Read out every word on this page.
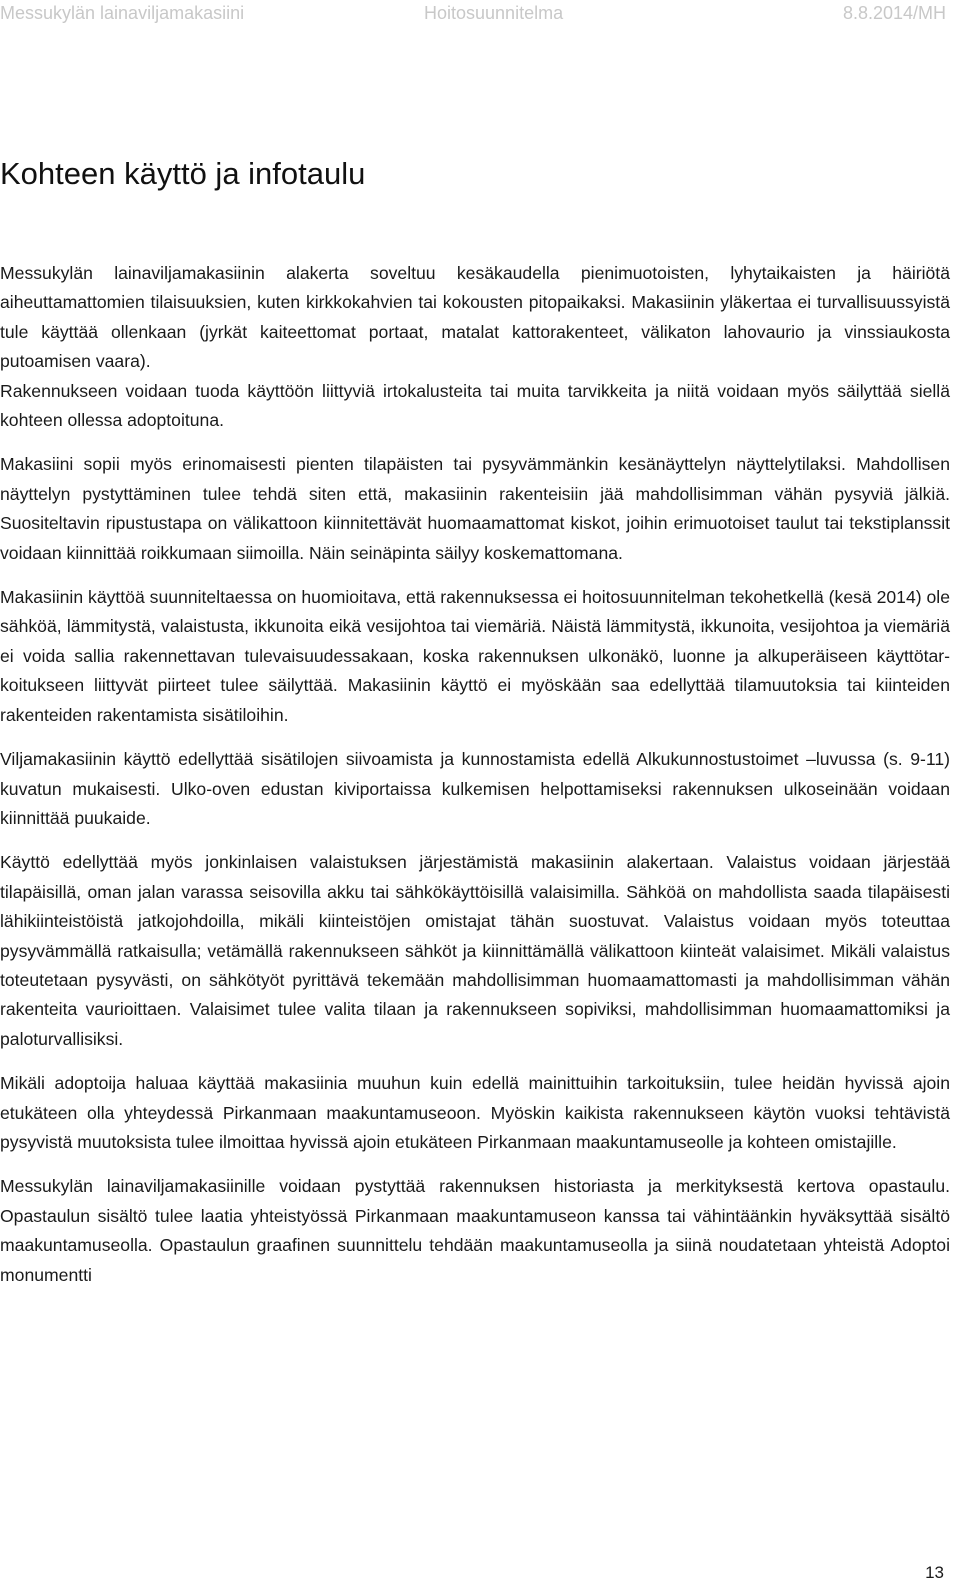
Messukylän lainaviljamakasiini	Hoitosuunnitelma	8.8.2014/MH
Kohteen käyttö ja infotaulu

Messukylän lainaviljamakasiinin alakerta soveltuu kesäkaudella pienimuotoisten, lyhytaikaisten ja häiriötä aiheuttamattomien tilaisuuksien, kuten kirkkokahvien tai kokousten pitopaikaksi. Makasiinin yläkertaa ei turvallisuussyistä tule käyttää ollenkaan (jyrkät kaiteettomat portaat, matalat kattorakenteet, välikaton lahovaurio ja vinssiaukosta putoamisen vaara).

Rakennukseen voidaan tuoda käyttöön liittyviä irtokalusteita tai muita tarvikkeita ja niitä voidaan myös säilyttää siellä kohteen ollessa adoptoituna.

Makasiini sopii myös erinomaisesti pienten tilapäisten tai pysyvämmänkin kesänäyttelyn näyttelytilaksi. Mahdollisen näyttelyn pystyttäminen tulee tehdä siten että, makasiinin rakenteisiin jää mahdollisimman vähän pysyviä jälkiä. Suositeltavin ripustustapa on välikattoon kiinnitettävät huomaamattomat kiskot, joihin erimuotoiset taulut tai tekstiplanssit voidaan kiinnittää roikkumaan siimoilla. Näin seinäpinta säilyy koskemattomana.

Makasiinin käyttöä suunniteltaessa on huomioitava, että rakennuksessa ei hoitosuunnitelman tekohetkellä (kesä 2014) ole sähköä, lämmitystä, valaistusta, ikkunoita eikä vesijohtoa tai viemäriä. Näistä lämmitystä, ikkunoita, vesijohtoa ja viemäriä ei voida sallia rakennettavan tulevaisuudessakaan, koska rakennuksen ulkonäkö, luonne ja alkuperäiseen käyttötarkoitukseen liittyvät piirteet tulee säilyttää. Makasiinin käyttö ei myöskään saa edellyttää tilamuutoksia tai kiinteiden rakenteiden rakentamista sisätiloihin.

Viljamakasiinin käyttö edellyttää sisätilojen siivoamista ja kunnostamista edellä Alkukunnostustoimet –luvussa (s. 9-11) kuvatun mukaisesti. Ulko-oven edustan kiviportaissa kulkemisen helpottamiseksi rakennuksen ulkoseinään voidaan kiinnittää puukaide.

Käyttö edellyttää myös jonkinlaisen valaistuksen järjestämistä makasiinin alakertaan. Valaistus voidaan järjestää tilapäisillä, oman jalan varassa seisovilla akku tai sähkökäyttöisillä valaisimilla. Sähköä on mahdollista saada tilapäisesti lähikiinteistöistä jatkojohdoilla, mikäli kiinteistöjen omistajat tähän suostuvat. Valaistus voidaan myös toteuttaa pysyvämmällä ratkaisulla; vetämällä rakennukseen sähköt ja kiinnittämällä välikattoon kiinteät valaisimet. Mikäli valaistus toteutetaan pysyvästi, on sähkötyöt pyrittävä tekemään mahdollisimman huomaamattomasti ja mahdollisimman vähän rakenteita vaurioittaen. Valaisimet tulee valita tilaan ja rakennukseen sopiviksi, mahdollisimman huomaamattomiksi ja paloturvallisiksi.

Mikäli adoptoija haluaa käyttää makasiinia muuhun kuin edellä mainittuihin tarkoituksiin, tulee heidän hyvissä ajoin etukäteen olla yhteydessä Pirkanmaan maakuntamuseoon. Myöskin kaikista rakennukseen käytön vuoksi tehtävistä pysyvistä muutoksista tulee ilmoittaa hyvissä ajoin etukäteen Pirkanmaan maakuntamuseolle ja kohteen omistajille.

Messukylän lainaviljamakasiinille voidaan pystyttää rakennuksen historiasta ja merkityksestä kertova opastaulu. Opastaulun sisältö tulee laatia yhteistyössä Pirkanmaan maakuntamuseon kanssa tai vähintäänkin hyväksyttää sisältö maakuntamuseolla. Opastaulun graafinen suunnittelu tehdään maakuntamuseolla ja siinä noudatetaan yhteistä Adoptoi monumentti

13
